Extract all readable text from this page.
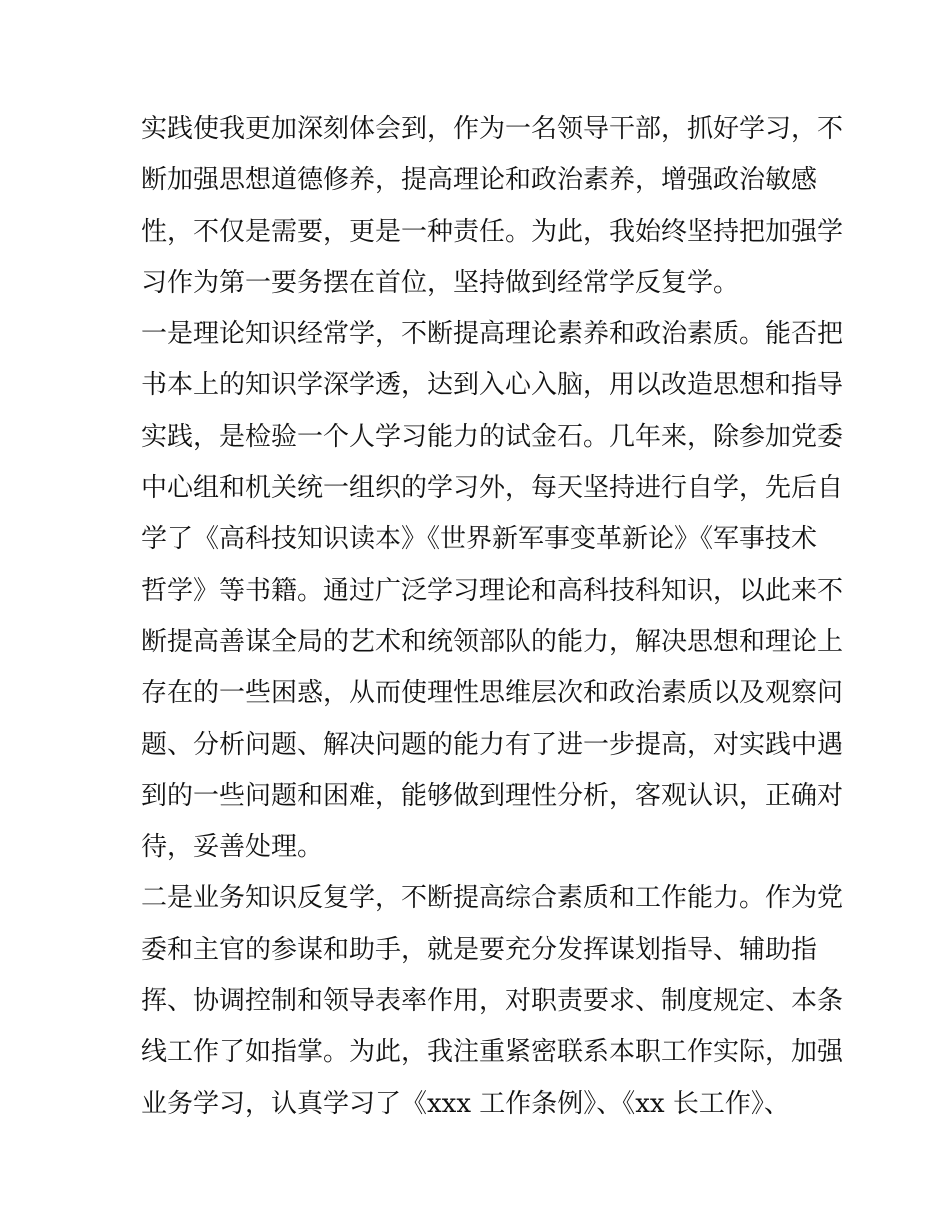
实践使我更加深刻体会到，作为一名领导干部，抓好学习，不
断加强思想道德修养，提高理论和政治素养，增强政治敏感
性，不仅是需要，更是一种责任。为此，我始终坚持把加强学
习作为第一要务摆在首位，坚持做到经常学反复学。
一是理论知识经常学，不断提高理论素养和政治素质。能否把
书本上的知识学深学透，达到入心入脑，用以改造思想和指导
实践，是检验一个人学习能力的试金石。几年来，除参加党委
中心组和机关统一组织的学习外，每天坚持进行自学，先后自
学了《高科技知识读本》《世界新军事变革新论》《军事技术
哲学》等书籍。通过广泛学习理论和高科技科知识，以此来不
断提高善谋全局的艺术和统领部队的能力，解决思想和理论上
存在的一些困惑，从而使理性思维层次和政治素质以及观察问
题、分析问题、解决问题的能力有了进一步提高，对实践中遇
到的一些问题和困难，能够做到理性分析，客观认识，正确对
待，妥善处理。
二是业务知识反复学，不断提高综合素质和工作能力。作为党
委和主官的参谋和助手，就是要充分发挥谋划指导、辅助指
挥、协调控制和领导表率作用，对职责要求、制度规定、本条
线工作了如指掌。为此，我注重紧密联系本职工作实际，加强
业务学习，认真学习了《xxx 工作条例》、《xx 长工作》、
